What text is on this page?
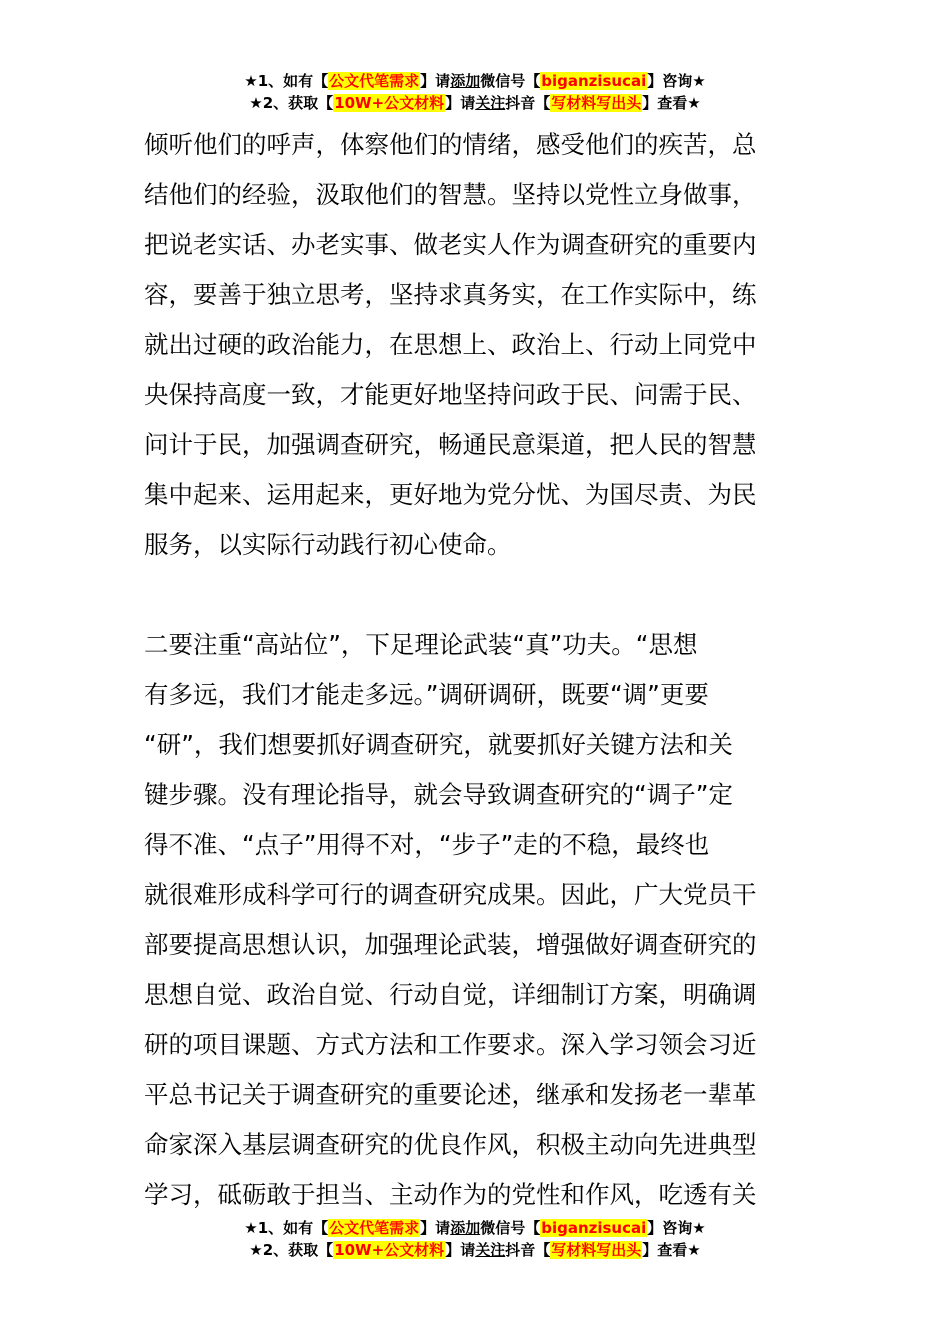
★1、如有【公文代笔需求】请添加微信号【biganzisucai】咨询★
★2、获取【10W+公文材料】请关注抖音【写材料写出头】查看★
倾听他们的呼声，体察他们的情绪，感受他们的疾苦，总
结他们的经验，汲取他们的智慧。坚持以党性立身做事，
把说老实话、办老实事、做老实人作为调查研究的重要内
容，要善于独立思考，坚持求真务实，在工作实际中，练
就出过硬的政治能力，在思想上、政治上、行动上同党中
央保持高度一致，才能更好地坚持问政于民、问需于民、
问计于民，加强调查研究，畅通民意渠道，把人民的智慧
集中起来、运用起来，更好地为党分忧、为国尽责、为民
服务，以实际行动践行初心使命。
二要注重“高站位”，下足理论武装“真”功夫。“思想
有多远，我们才能走多远。”调研调研，既要“调”更要
“研”，我们想要抓好调查研究，就要抓好关键方法和关
键步骤。没有理论指导，就会导致调查研究的“调子”定
得不准、“点子”用得不对，“步子”走的不稳，最终也
就很难形成科学可行的调查研究成果。因此，广大党员干
部要提高思想认识，加强理论武装，增强做好调查研究的
思想自觉、政治自觉、行动自觉，详细制订方案，明确调
研的项目课题、方式方法和工作要求。深入学习领会习近
平总书记关于调查研究的重要论述，继承和发扬老一辈革
命家深入基层调查研究的优良作风，积极主动向先进典型
学习，砥砺敢于担当、主动作为的党性和作风，吃透有关
★1、如有【公文代笔需求】请添加微信号【biganzisucai】咨询★
★2、获取【10W+公文材料】请关注抖音【写材料写出头】查看★
